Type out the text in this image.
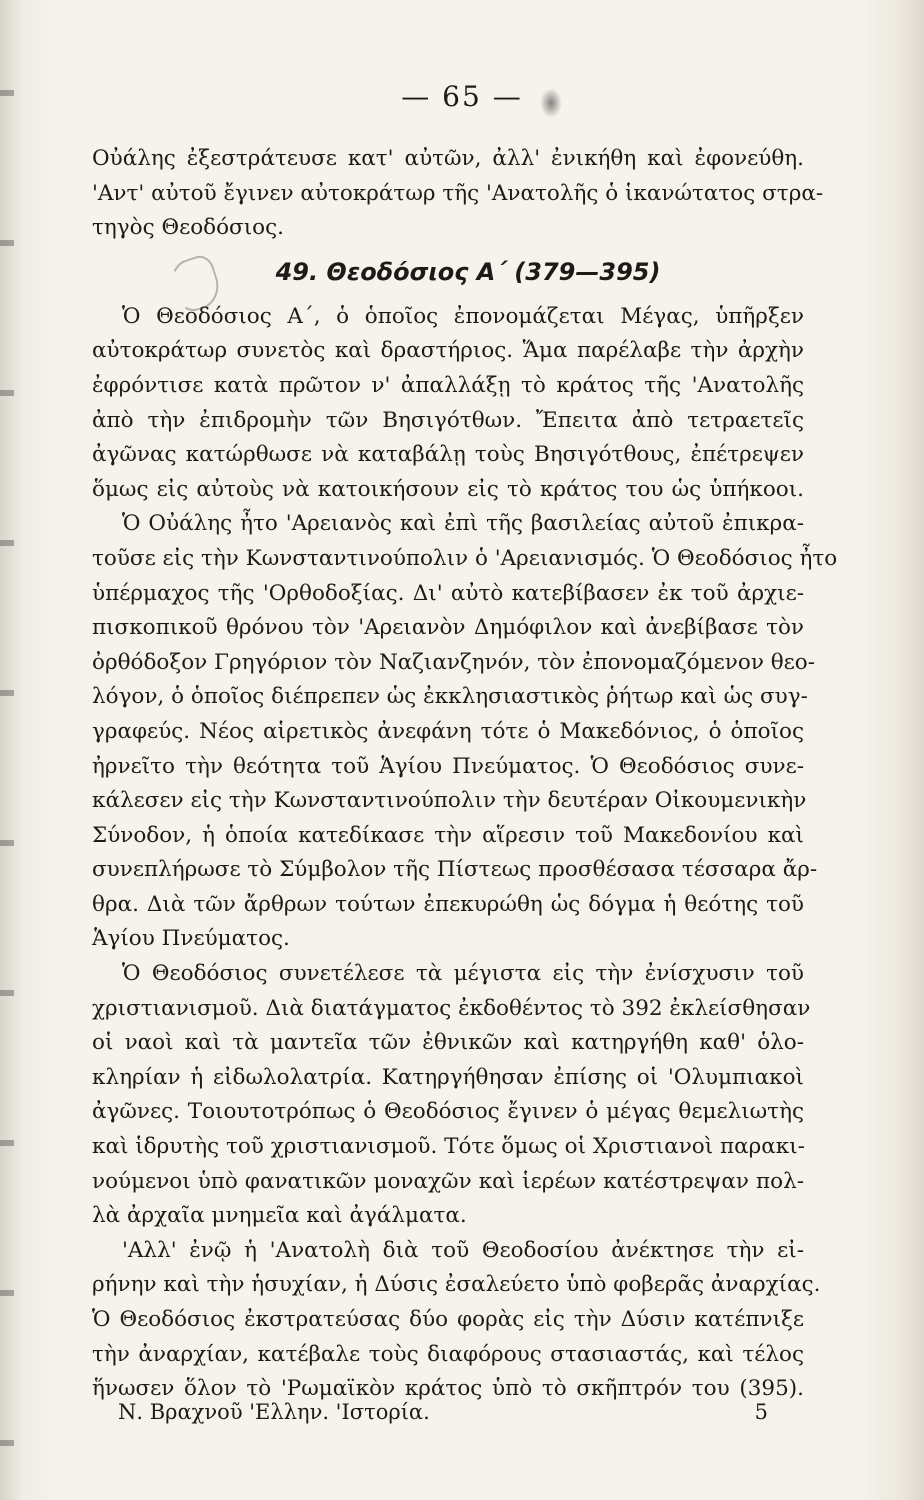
— 65 —
Οὐάλης ἐξεστράτευσε κατ' αὐτῶν, ἀλλ' ἐνικήθη καὶ ἐφονεύθη.
'Αντ' αὐτοῦ ἔγινεν αὐτοκράτωρ τῆς 'Ανατολῆς ὁ ἱκανώτατος στρα-
τηγὸς Θεοδόσιος.
49. Θεοδόσιος Α΄ (379—395)
Ὁ Θεοδόσιος Α΄, ὁ ὁποῖος ἐπονομάζεται Μέγας, ὑπῆρξεν
αὐτοκράτωρ συνετὸς καὶ δραστήριος. Ἅμα παρέλαβε τὴν ἀρχὴν
ἐφρόντισε κατὰ πρῶτον ν' ἀπαλλάξῃ τὸ κράτος τῆς 'Ανατολῆς
ἀπὸ τὴν ἐπιδρομὴν τῶν Βησιγότθων. Ἔπειτα ἀπὸ τετραετεῖς
ἀγῶνας κατώρθωσε νὰ καταβάλῃ τοὺς Βησιγότθους, ἐπέτρεψεν
ὅμως εἰς αὐτοὺς νὰ κατοικήσουν εἰς τὸ κράτος του ὡς ὑπήκοοι.
Ὁ Οὐάλης ἦτο 'Αρειανὸς καὶ ἐπὶ τῆς βασιλείας αὐτοῦ ἐπικρα-
τοῦσε εἰς τὴν Κωνσταντινούπολιν ὁ 'Αρειανισμός. Ὁ Θεοδόσιος ἦτο
ὑπέρμαχος τῆς 'Ορθοδοξίας. Δι' αὐτὸ κατεβίβασεν ἐκ τοῦ ἀρχιε-
πισκοπικοῦ θρόνου τὸν 'Αρειανὸν Δημόφιλον καὶ ἀνεβίβασε τὸν
ὀρθόδοξον Γρηγόριον τὸν Ναζιανζηνόν, τὸν ἐπονομαζόμενον θεο-
λόγον, ὁ ὁποῖος διέπρεπεν ὡς ἐκκλησιαστικὸς ῥήτωρ καὶ ὡς συγ-
γραφεύς. Νέος αἱρετικὸς ἀνεφάνη τότε ὁ Μακεδόνιος, ὁ ὁποῖος
ἠρνεῖτο τὴν θεότητα τοῦ Ἁγίου Πνεύματος. Ὁ Θεοδόσιος συνε-
κάλεσεν εἰς τὴν Κωνσταντινούπολιν τὴν δευτέραν Οἰκουμενικὴν
Σύνοδον, ἡ ὁποία κατεδίκασε τὴν αἵρεσιν τοῦ Μακεδονίου καὶ
συνεπλήρωσε τὸ Σύμβολον τῆς Πίστεως προσθέσασα τέσσαρα ἄρ-
θρα. Διὰ τῶν ἄρθρων τούτων ἐπεκυρώθη ὡς δόγμα ἡ θεότης τοῦ
Ἁγίου Πνεύματος.
Ὁ Θεοδόσιος συνετέλεσε τὰ μέγιστα εἰς τὴν ἐνίσχυσιν τοῦ
χριστιανισμοῦ. Διὰ διατάγματος ἐκδοθέντος τὸ 392 ἐκλείσθησαν
οἱ ναοὶ καὶ τὰ μαντεῖα τῶν ἐθνικῶν καὶ κατηργήθη καθ' ὁλο-
κληρίαν ἡ εἰδωλολατρία. Κατηργήθησαν ἐπίσης οἱ 'Ολυμπιακοὶ
ἀγῶνες. Τοιουτοτρόπως ὁ Θεοδόσιος ἔγινεν ὁ μέγας θεμελιωτὴς
καὶ ἱδρυτὴς τοῦ χριστιανισμοῦ. Τότε ὅμως οἱ Χριστιανοὶ παρακι-
νούμενοι ὑπὸ φανατικῶν μοναχῶν καὶ ἱερέων κατέστρεψαν πολ-
λὰ ἀρχαῖα μνημεῖα καὶ ἀγάλματα.
'Αλλ' ἐνῷ ἡ 'Ανατολὴ διὰ τοῦ Θεοδοσίου ἀνέκτησε τὴν εἰ-
ρήνην καὶ τὴν ἡσυχίαν, ἡ Δύσις ἐσαλεύετο ὑπὸ φοβερᾶς ἀναρχίας.
Ὁ Θεοδόσιος ἐκστρατεύσας δύο φορὰς εἰς τὴν Δύσιν κατέπνιξε
τὴν ἀναρχίαν, κατέβαλε τοὺς διαφόρους στασιαστάς, καὶ τέλος
ἥνωσεν ὅλον τὸ 'Ρωμαϊκὸν κράτος ὑπὸ τὸ σκῆπτρόν του (395).
Ν. Βραχνοῦ 'Ελλην. 'Ιστορία.	5
